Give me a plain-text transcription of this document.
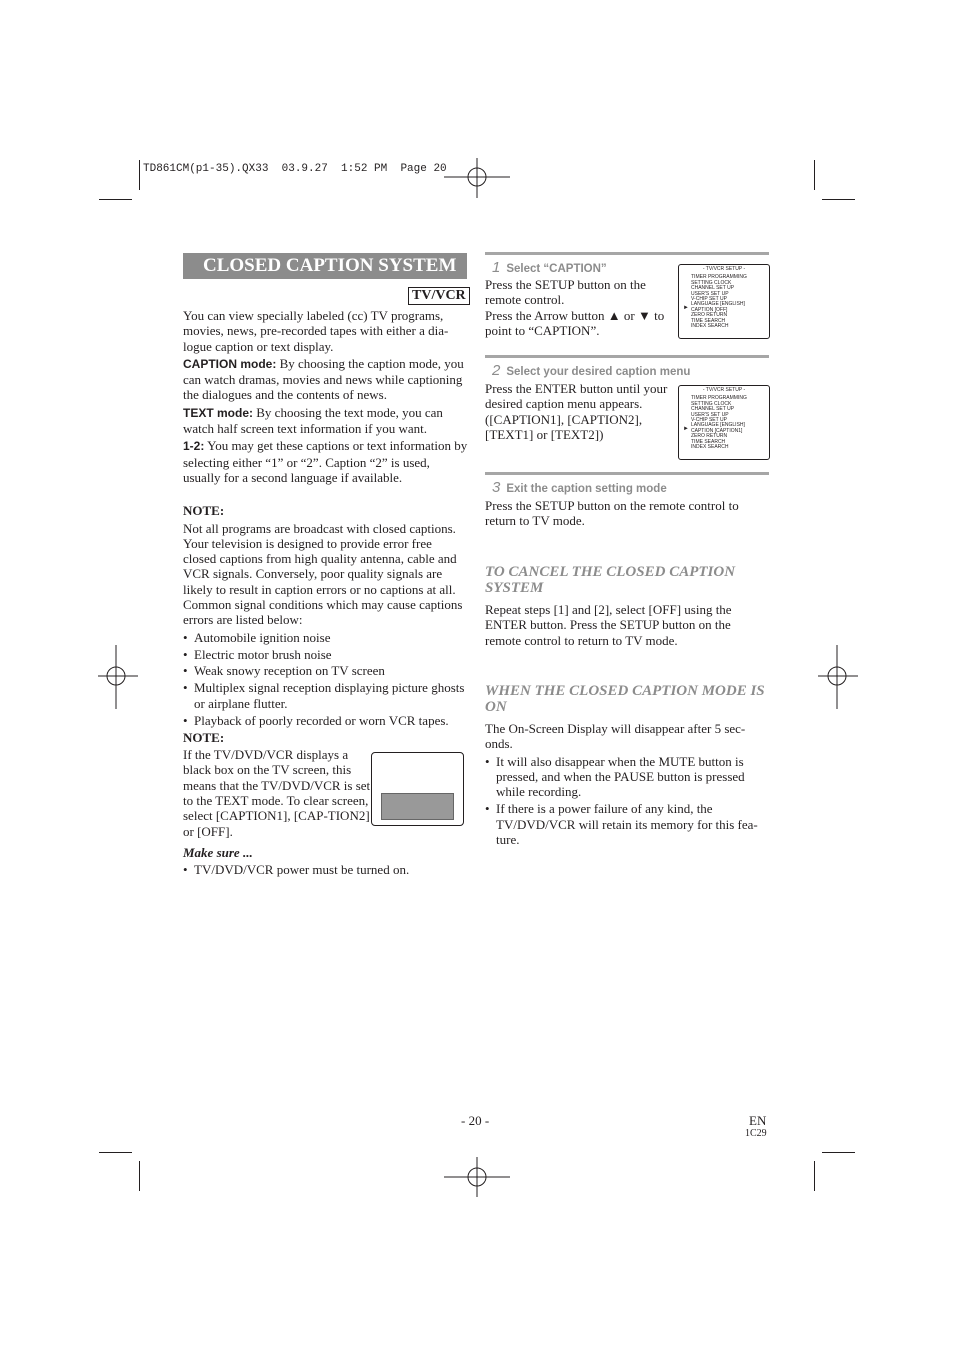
TD861CM(p1-35).QX33  03.9.27  1:52 PM  Page 20
CLOSED CAPTION SYSTEM
TV/VCR
You can view specially labeled (cc) TV programs, movies, news, pre-recorded tapes with either a dia-logue caption or text display.
CAPTION mode: By choosing the caption mode, you can watch dramas, movies and news while captioning the dialogues and the contents of news.
TEXT mode: By choosing the text mode, you can watch half screen text information if you want.
1-2: You may get these captions or text information by selecting either “1” or “2”. Caption “2” is used, usually for a second language if available.
NOTE:
Not all programs are broadcast with closed captions. Your television is designed to provide error free closed captions from high quality antenna, cable and VCR signals. Conversely, poor quality signals are likely to result in caption errors or no captions at all. Common signal conditions which may cause captions errors are listed below:
• Automobile ignition noise
• Electric motor brush noise
• Weak snowy reception on TV screen
• Multiplex signal reception displaying picture ghosts or airplane flutter.
• Playback of poorly recorded or worn VCR tapes.
NOTE:
If the TV/DVD/VCR displays a black box on the TV screen, this means that the TV/DVD/VCR is set to the TEXT mode. To clear screen, select [CAPTION1], [CAP-TION2] or [OFF].
Make sure ...
• TV/DVD/VCR power must be turned on.
1 Select “CAPTION”
Press the SETUP button on the remote control.
Press the Arrow button ▲ or ▼ to point to “CAPTION”.
- TV/VCR SETUP -
►
TIMER PROGRAMMING
SETTING CLOCK
CHANNEL SET UP
USER'S SET UP
V-CHIP SET UP
LANGUAGE [ENGLISH]
CAPTION [OFF]
ZERO RETURN
TIME SEARCH
INDEX SEARCH
2 Select your desired caption menu
Press the ENTER button until your desired caption menu appears. ([CAPTION1], [CAPTION2], [TEXT1] or [TEXT2])
- TV/VCR SETUP -
►
TIMER PROGRAMMING
SETTING CLOCK
CHANNEL SET UP
USER'S SET UP
V-CHIP SET UP
LANGUAGE [ENGLISH]
CAPTION [CAPTION1]
ZERO RETURN
TIME SEARCH
INDEX SEARCH
3 Exit the caption setting mode
Press the SETUP button on the remote control to return to TV mode.
TO CANCEL THE CLOSED CAPTION SYSTEM
Repeat steps [1] and [2], select [OFF] using the ENTER button. Press the SETUP button on the remote control to return to TV mode.
WHEN THE CLOSED CAPTION MODE IS ON
The On-Screen Display will disappear after 5 sec-onds.
• It will also disappear when the MUTE button is pressed, and when the PAUSE button is pressed while recording.
• If there is a power failure of any kind, the TV/DVD/VCR will retain its memory for this fea-ture.
- 20 -	EN
1C29
